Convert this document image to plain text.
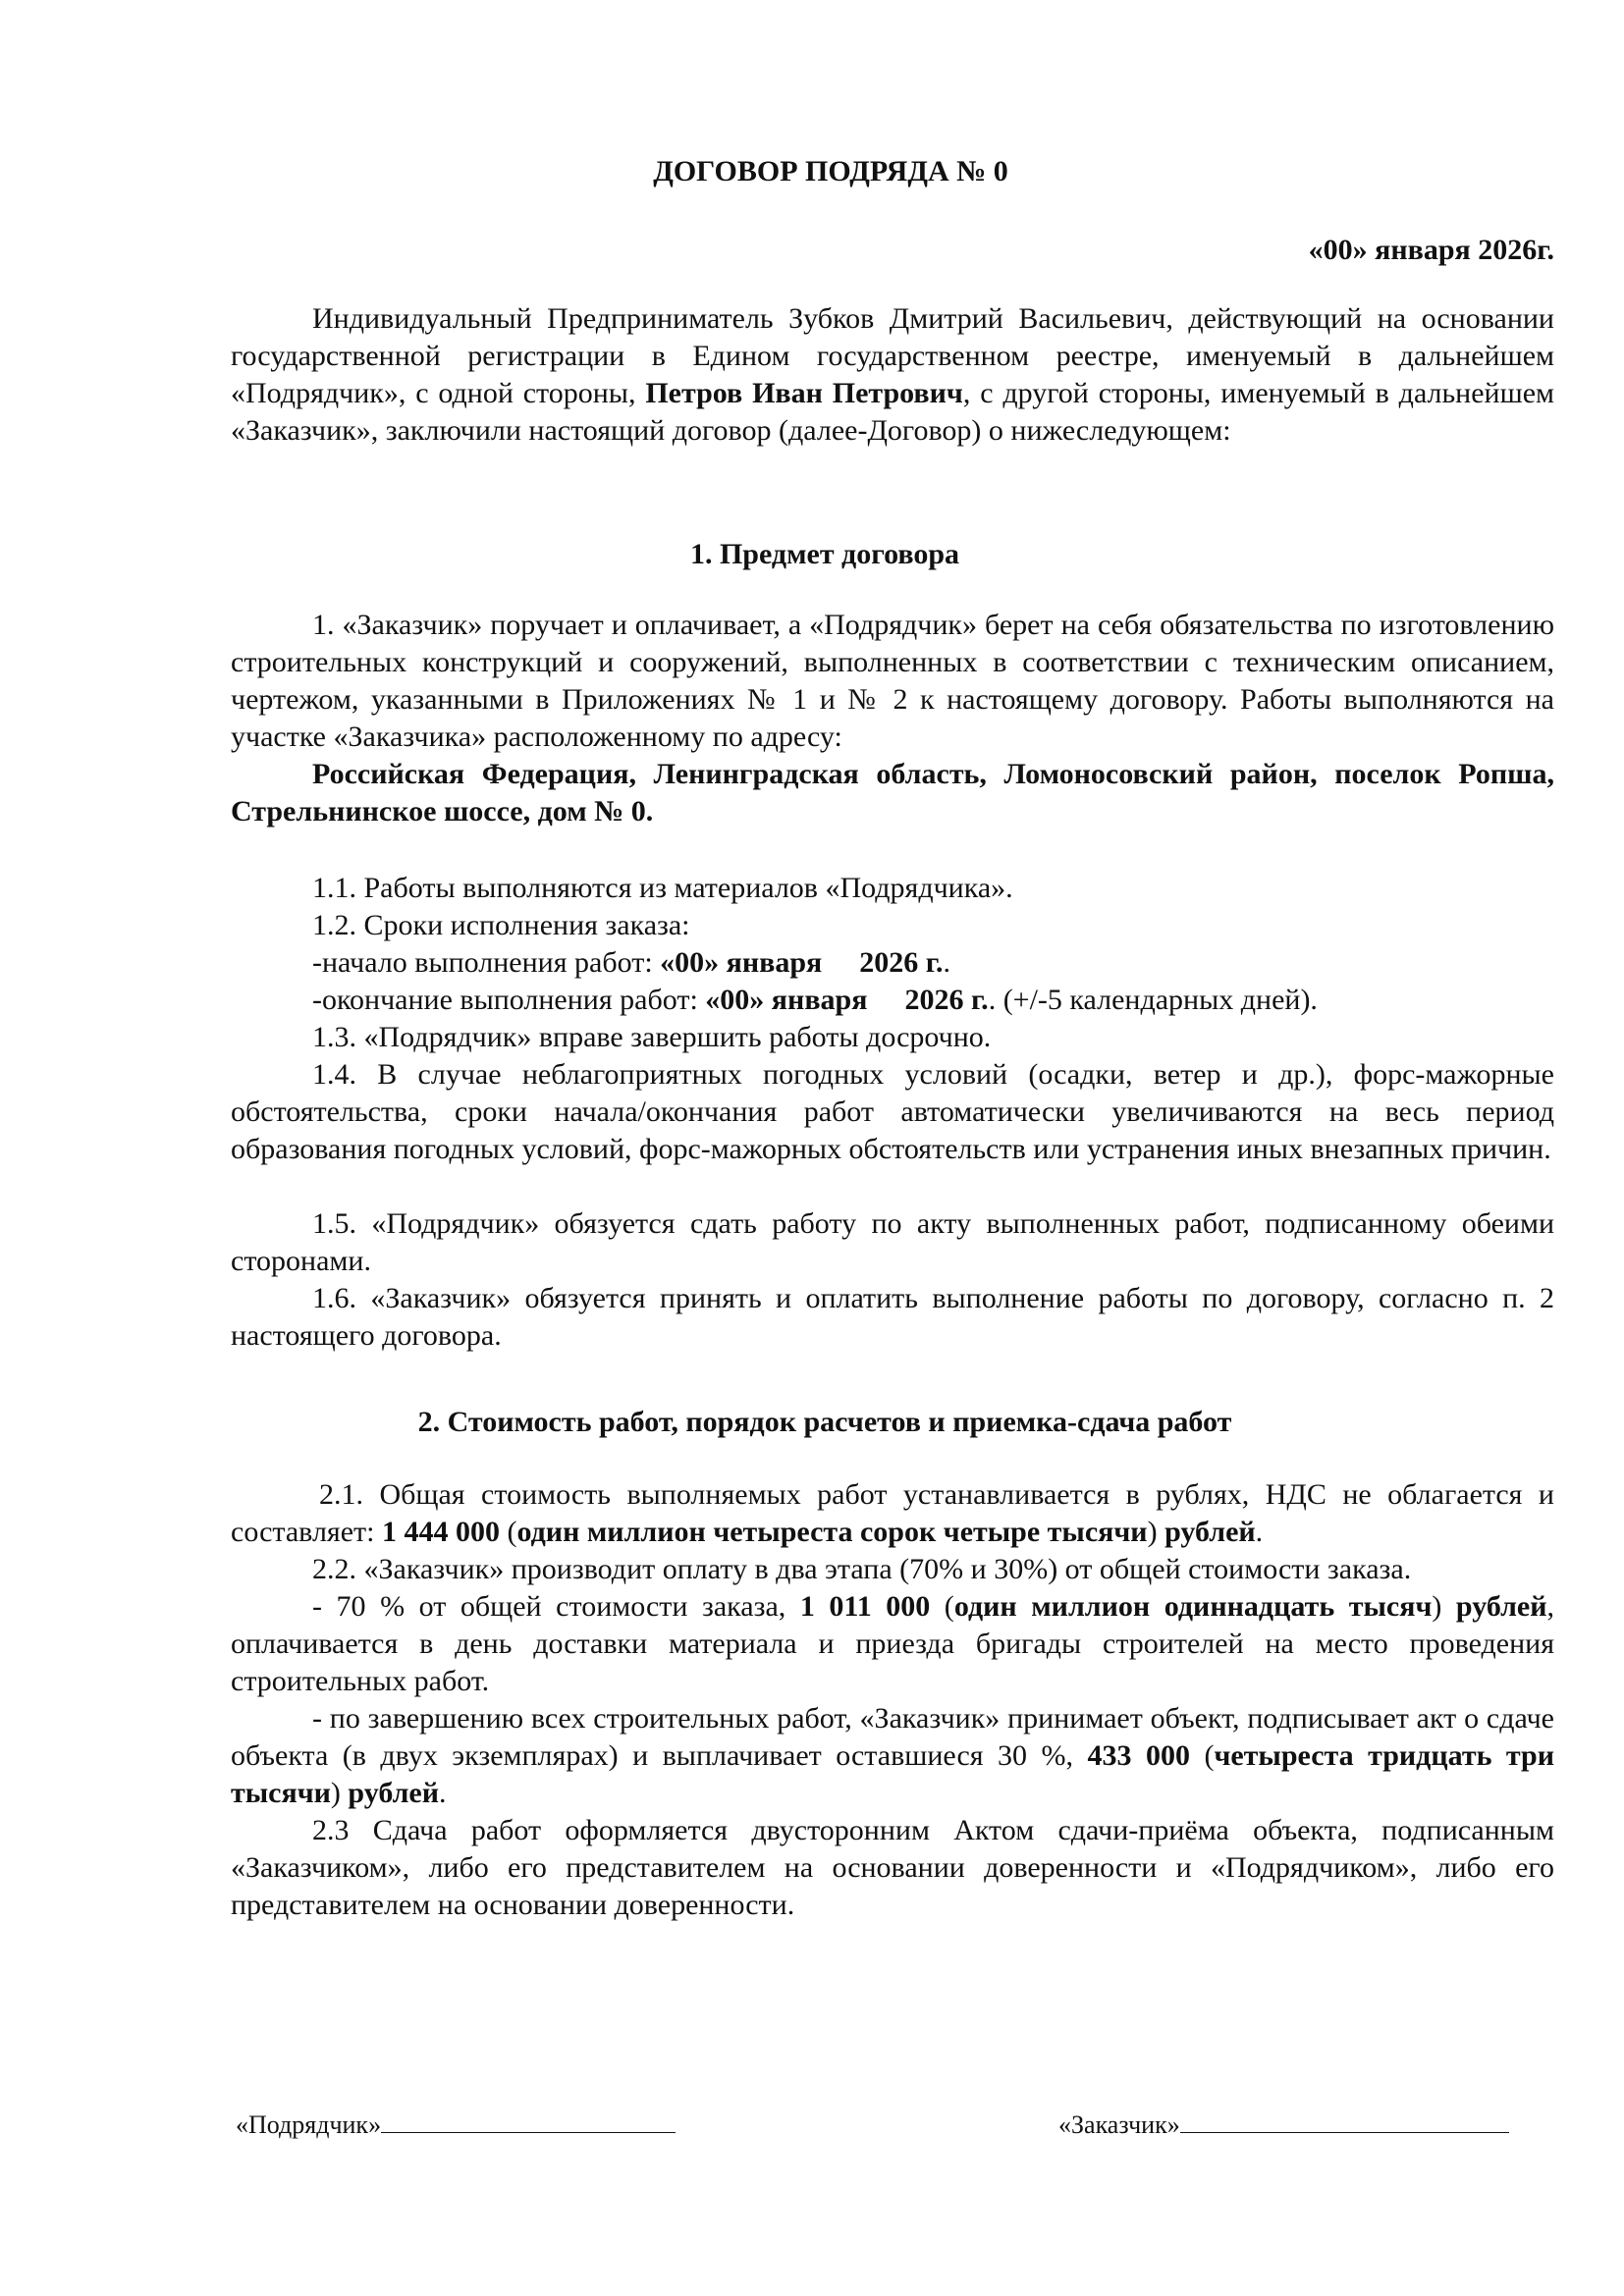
ДОГОВОР ПОДРЯДА № 0
«00» января 2026г.

Индивидуальный Предприниматель Зубков Дмитрий Васильевич, действующий на основании государственной регистрации в Едином государственном реестре, именуемый в дальнейшем «Подрядчик», с одной стороны, Петров Иван Петрович, с другой стороны, именуемый в дальнейшем «Заказчик», заключили настоящий договор (далее-Договор) о нижеследующем:

1. Предмет договора

1. «Заказчик» поручает и оплачивает, а «Подрядчик» берет на себя обязательства по изготовлению строительных конструкций и сооружений, выполненных в соответствии с техническим описанием, чертежом, указанными в Приложениях № 1 и № 2 к настоящему договору. Работы выполняются на участке «Заказчика» расположенному по адресу:

Российская Федерация, Ленинградская область, Ломоносовский район, поселок Ропша, Стрельнинское шоссе, дом № 0.

1.1. Работы выполняются из материалов «Подрядчика».
1.2. Сроки исполнения заказа:
-начало выполнения работ: «00» января 2026 г..
-окончание выполнения работ: «00» января 2026 г.. (+/-5 календарных дней).
1.3. «Подрядчик» вправе завершить работы досрочно.

1.4. В случае неблагоприятных погодных условий (осадки, ветер и др.), форс-мажорные обстоятельства, сроки начала/окончания работ автоматически увеличиваются на весь период образования погодных условий, форс-мажорных обстоятельств или устранения иных внезапных причин.

1.5. «Подрядчик» обязуется сдать работу по акту выполненных работ, подписанному обеими сторонами.

1.6. «Заказчик» обязуется принять и оплатить выполнение работы по договору, согласно п. 2 настоящего договора.

2. Стоимость работ, порядок расчетов и приемка-сдача работ

2.1. Общая стоимость выполняемых работ устанавливается в рублях, НДС не облагается и составляет: 1 444 000 (один миллион четыреста сорок четыре тысячи) рублей.

2.2. «Заказчик» производит оплату в два этапа (70% и 30%) от общей стоимости заказа.

- 70 % от общей стоимости заказа, 1 011 000 (один миллион одиннадцать тысяч) рублей, оплачивается в день доставки материала и приезда бригады строителей на место проведения строительных работ.

- по завершению всех строительных работ, «Заказчик» принимает объект, подписывает акт о сдаче объекта (в двух экземплярах) и выплачивает оставшиеся 30 %, 433 000 (четыреста тридцать три тысячи) рублей.

2.3 Сдача работ оформляется двусторонним Актом сдачи-приёма объекта, подписанным «Заказчиком», либо его представителем на основании доверенности и «Подрядчиком», либо его представителем на основании доверенности.

«Подрядчик»	«Заказчик»
